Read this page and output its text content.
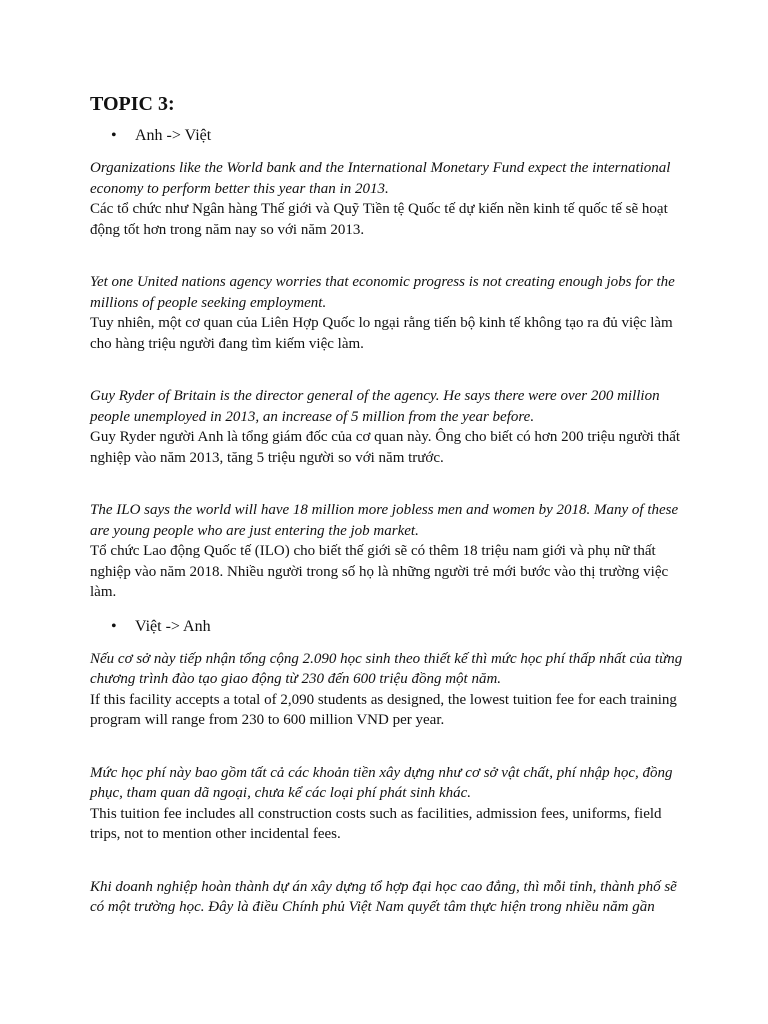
TOPIC 3:
•	Anh -> Việt

Organizations like the World bank and the International Monetary Fund expect the international economy to perform better this year than in 2013.

Các tổ chức như Ngân hàng Thế giới và Quỹ Tiền tệ Quốc tế dự kiến nền kinh tế quốc tế sẽ hoạt động tốt hơn trong năm nay so với năm 2013.

Yet one United nations agency worries that economic progress is not creating enough jobs for the millions of people seeking employment.

Tuy nhiên, một cơ quan của Liên Hợp Quốc lo ngại rằng tiến bộ kinh tế không tạo ra đủ việc làm cho hàng triệu người đang tìm kiếm việc làm.

Guy Ryder of Britain is the director general of the agency. He says there were over 200 million people unemployed in 2013, an increase of 5 million from the year before.

Guy Ryder người Anh là tổng giám đốc của cơ quan này. Ông cho biết có hơn 200 triệu người thất nghiệp vào năm 2013, tăng 5 triệu người so với năm trước.

The ILO says the world will have 18 million more jobless men and women by 2018. Many of these are young people who are just entering the job market.

Tổ chức Lao động Quốc tế (ILO) cho biết thế giới sẽ có thêm 18 triệu nam giới và phụ nữ thất nghiệp vào năm 2018. Nhiều người trong số họ là những người trẻ mới bước vào thị trường việc làm.

•	Việt -> Anh

Nếu cơ sở này tiếp nhận tổng cộng 2.090 học sinh theo thiết kế thì mức học phí thấp nhất của từng chương trình đào tạo giao động từ 230 đến 600 triệu đồng một năm.

If this facility accepts a total of 2,090 students as designed, the lowest tuition fee for each training program will range from 230 to 600 million VND per year.

Mức học phí này bao gồm tất cả các khoản tiền xây dựng như cơ sở vật chất, phí nhập học, đồng phục, tham quan dã ngoại, chưa kể các loại phí phát sinh khác.

This tuition fee includes all construction costs such as facilities, admission fees, uniforms, field trips, not to mention other incidental fees.

Khi doanh nghiệp hoàn thành dự án xây dựng tổ hợp đại học cao đẳng, thì mỗi tỉnh, thành phố sẽ có một trường học. Đây là điều Chính phủ Việt Nam quyết tâm thực hiện trong nhiều năm gần
